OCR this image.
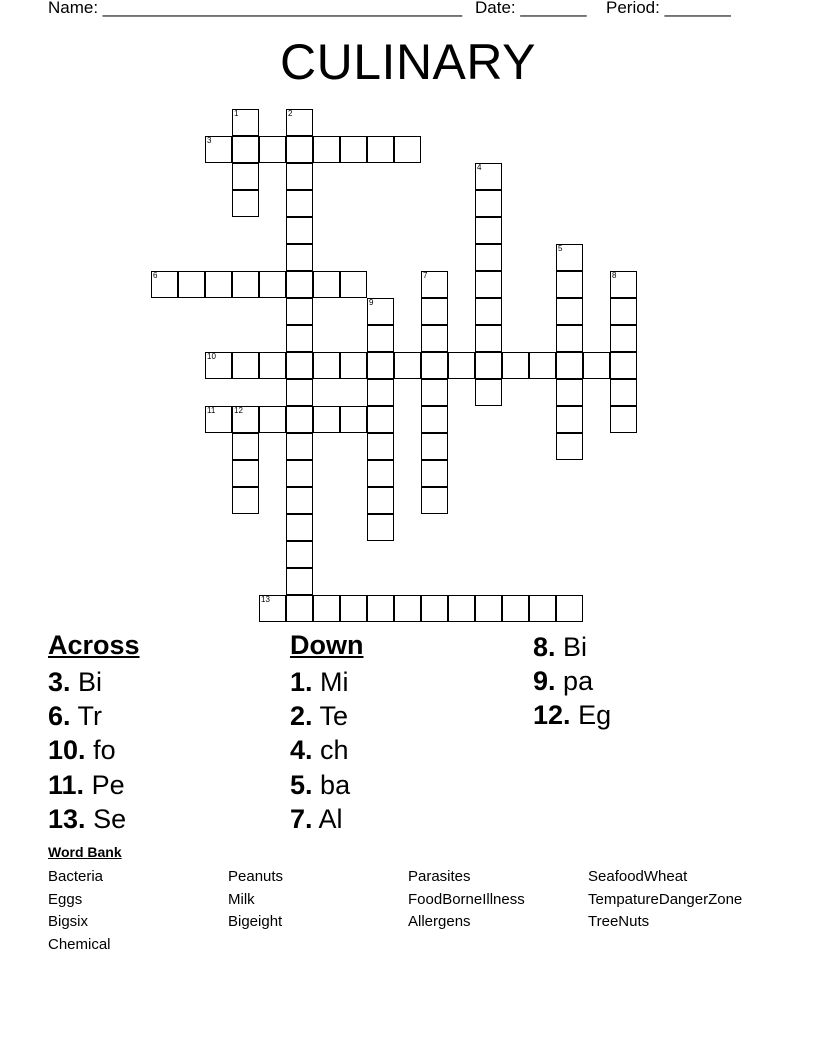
Name: ______________________________________ Date: _______ Period: _______
CULINARY
1	2
3
4
5
6	7	8
9
10
11 12
13
Across	Down
3. Bi
6. Tr
10. fo
11. Pe
13. Se
1. Mi
2. Te
4. ch
5. ba
7. Al
8. Bi
9. pa
12. Eg
Word Bank
Bacteria	Peanuts	Parasites	SeafoodWheat
Eggs	Milk	FoodBorneIllness	TempatureDangerZone
Bigsix	Bigeight	Allergens	TreeNuts
Chemical
